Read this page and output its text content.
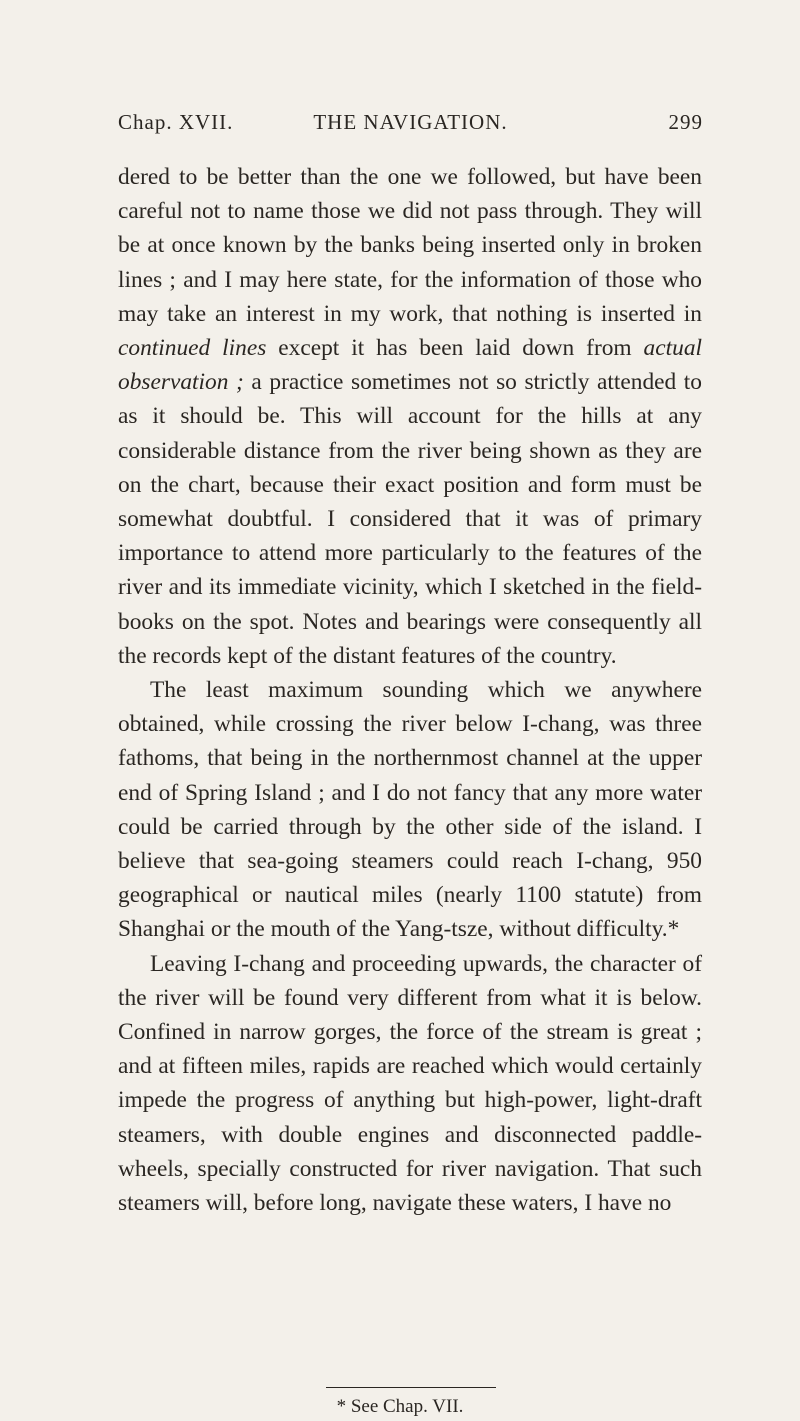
Chap. XVII.	THE NAVIGATION.	299

dered to be better than the one we followed, but have been careful not to name those we did not pass through. They will be at once known by the banks being inserted only in broken lines ; and I may here state, for the information of those who may take an interest in my work, that nothing is inserted in continued lines except it has been laid down from actual observation ; a practice sometimes not so strictly attended to as it should be. This will account for the hills at any considerable distance from the river being shown as they are on the chart, because their exact position and form must be somewhat doubtful. I considered that it was of primary importance to attend more particularly to the features of the river and its immediate vicinity, which I sketched in the field-books on the spot. Notes and bearings were consequently all the records kept of the distant features of the country.

The least maximum sounding which we anywhere obtained, while crossing the river below I-chang, was three fathoms, that being in the northernmost channel at the upper end of Spring Island ; and I do not fancy that any more water could be carried through by the other side of the island. I believe that sea-going steamers could reach I-chang, 950 geographical or nautical miles (nearly 1100 statute) from Shanghai or the mouth of the Yang-tsze, without difficulty.*

Leaving I-chang and proceeding upwards, the character of the river will be found very different from what it is below. Confined in narrow gorges, the force of the stream is great ; and at fifteen miles, rapids are reached which would certainly impede the progress of anything but high-power, light-draft steamers, with double engines and disconnected paddle-wheels, specially constructed for river navigation. That such steamers will, before long, navigate these waters, I have no

* See Chap. VII.
